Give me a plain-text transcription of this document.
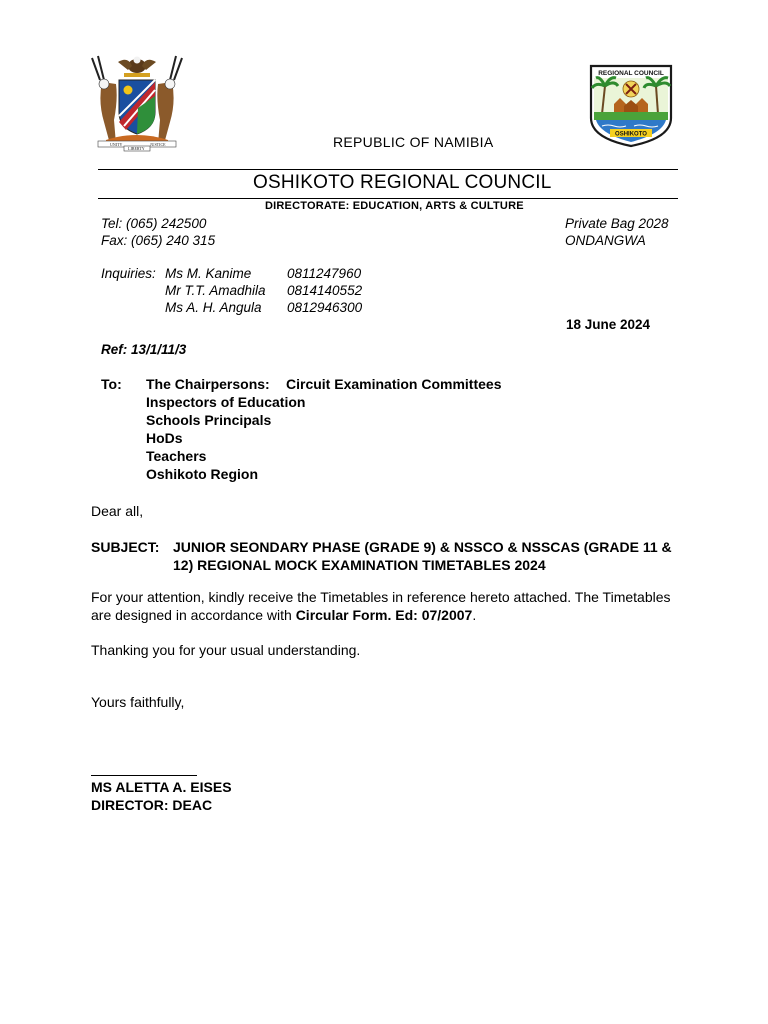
UNITY	JUSTICE
LIBERTY
REGIONAL COUNCIL
OSHIKOTO
REPUBLIC OF NAMIBIA
OSHIKOTO REGIONAL COUNCIL
DIRECTORATE: EDUCATION, ARTS & CULTURE
Tel: (065) 242500
Fax: (065) 240 315
Private Bag 2028
ONDANGWA
Inquiries: Ms M. Kanime	0811247960
Mr T.T. Amadhila 0814140552
Ms A. H. Angula 0812946300
18 June 2024
Ref: 13/1/11/3
To: The Chairpersons: Circuit Examination Committees
Inspectors of Education
Schools Principals
HoDs
Teachers
Oshikoto Region
Dear all,
SUBJECT: JUNIOR SEONDARY PHASE (GRADE 9) & NSSCO & NSSCAS (GRADE 11 &
12) REGIONAL MOCK EXAMINATION TIMETABLES 2024
For your attention, kindly receive the Timetables in reference hereto attached. The Timetables
are designed in accordance with Circular Form. Ed: 07/2007.
Thanking you for your usual understanding.
Yours faithfully,
MS ALETTA A. EISES
DIRECTOR: DEAC
